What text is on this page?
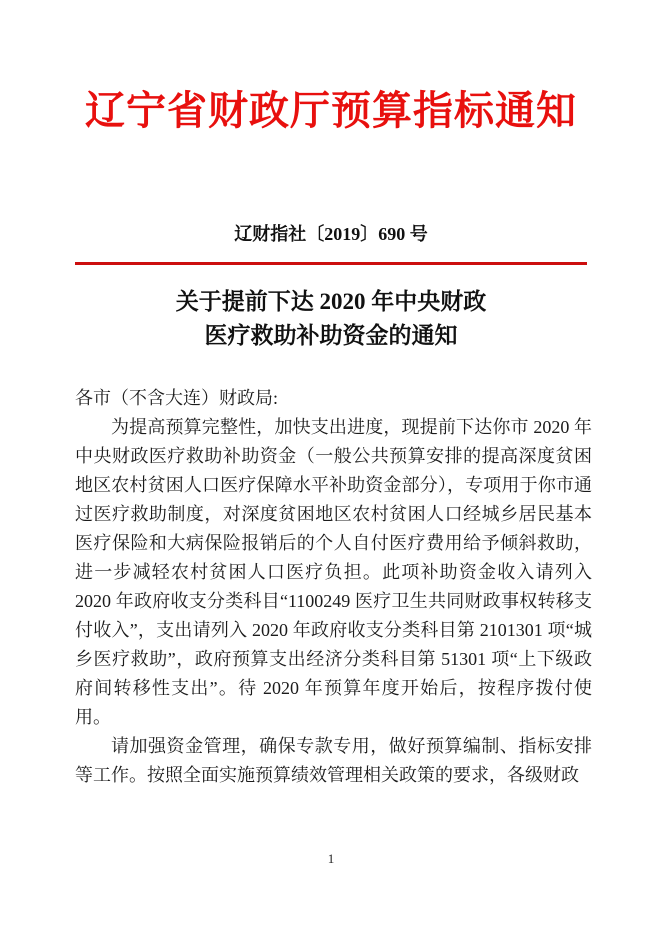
辽宁省财政厅预算指标通知
辽财指社〔2019〕690 号
关于提前下达 2020 年中央财政
医疗救助补助资金的通知

各市（不含大连）财政局:

为提高预算完整性，加快支出进度，现提前下达你市 2020 年中央财政医疗救助补助资金（一般公共预算安排的提高深度贫困地区农村贫困人口医疗保障水平补助资金部分），专项用于你市通过医疗救助制度，对深度贫困地区农村贫困人口经城乡居民基本医疗保险和大病保险报销后的个人自付医疗费用给予倾斜救助，进一步减轻农村贫困人口医疗负担。此项补助资金收入请列入 2020 年政府收支分类科目“1100249 医疗卫生共同财政事权转移支付收入”，支出请列入 2020 年政府收支分类科目第 2101301 项“城乡医疗救助”，政府预算支出经济分类科目第 51301 项“上下级政府间转移性支出”。待 2020 年预算年度开始后，按程序拨付使用。

请加强资金管理，确保专款专用，做好预算编制、指标安排等工作。按照全面实施预算绩效管理相关政策的要求，各级财政

1
